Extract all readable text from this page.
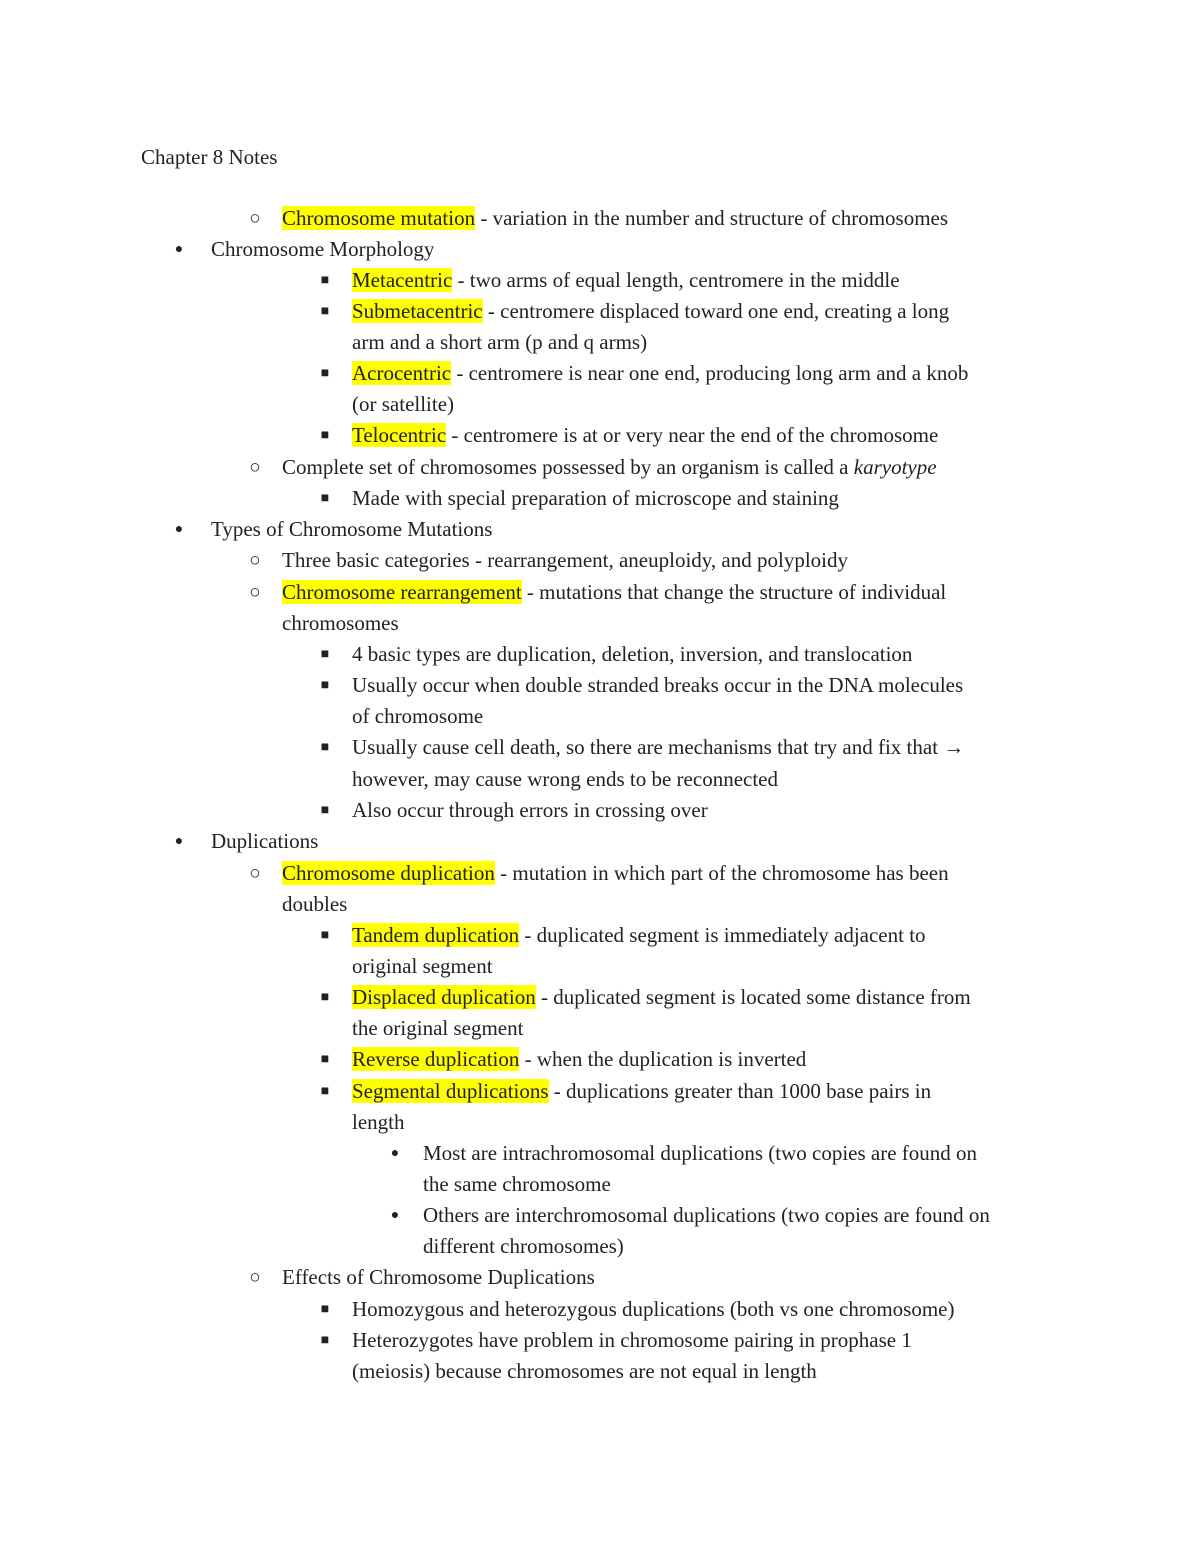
Chapter 8 Notes
○ Chromosome mutation - variation in the number and structure of chromosomes
●	Chromosome Morphology
■	Metacentric - two arms of equal length, centromere in the middle
■	Submetacentric - centromere displaced toward one end, creating a long
arm and a short arm (p and q arms)
■	Acrocentric - centromere is near one end, producing long arm and a knob
(or satellite)
■	Telocentric - centromere is at or very near the end of the chromosome
○ Complete set of chromosomes possessed by an organism is called a karyotype
■	Made with special preparation of microscope and staining
●	Types of Chromosome Mutations
○ Three basic categories - rearrangement, aneuploidy, and polyploidy
○ Chromosome rearrangement - mutations that change the structure of individual
chromosomes
■	4 basic types are duplication, deletion, inversion, and translocation
■	Usually occur when double stranded breaks occur in the DNA molecules
of chromosome
■	Usually cause cell death, so there are mechanisms that try and fix that →
however, may cause wrong ends to be reconnected
■	Also occur through errors in crossing over
●	Duplications
○ Chromosome duplication - mutation in which part of the chromosome has been
doubles
■	Tandem duplication - duplicated segment is immediately adjacent to
original segment
■	Displaced duplication - duplicated segment is located some distance from
the original segment
■	Reverse duplication - when the duplication is inverted
■	Segmental duplications - duplications greater than 1000 base pairs in
length
●	Most are intrachromosomal duplications (two copies are found on
the same chromosome
●	Others are interchromosomal duplications (two copies are found on
different chromosomes)
○ Effects of Chromosome Duplications
■	Homozygous and heterozygous duplications (both vs one chromosome)
■	Heterozygotes have problem in chromosome pairing in prophase 1
(meiosis) because chromosomes are not equal in length
